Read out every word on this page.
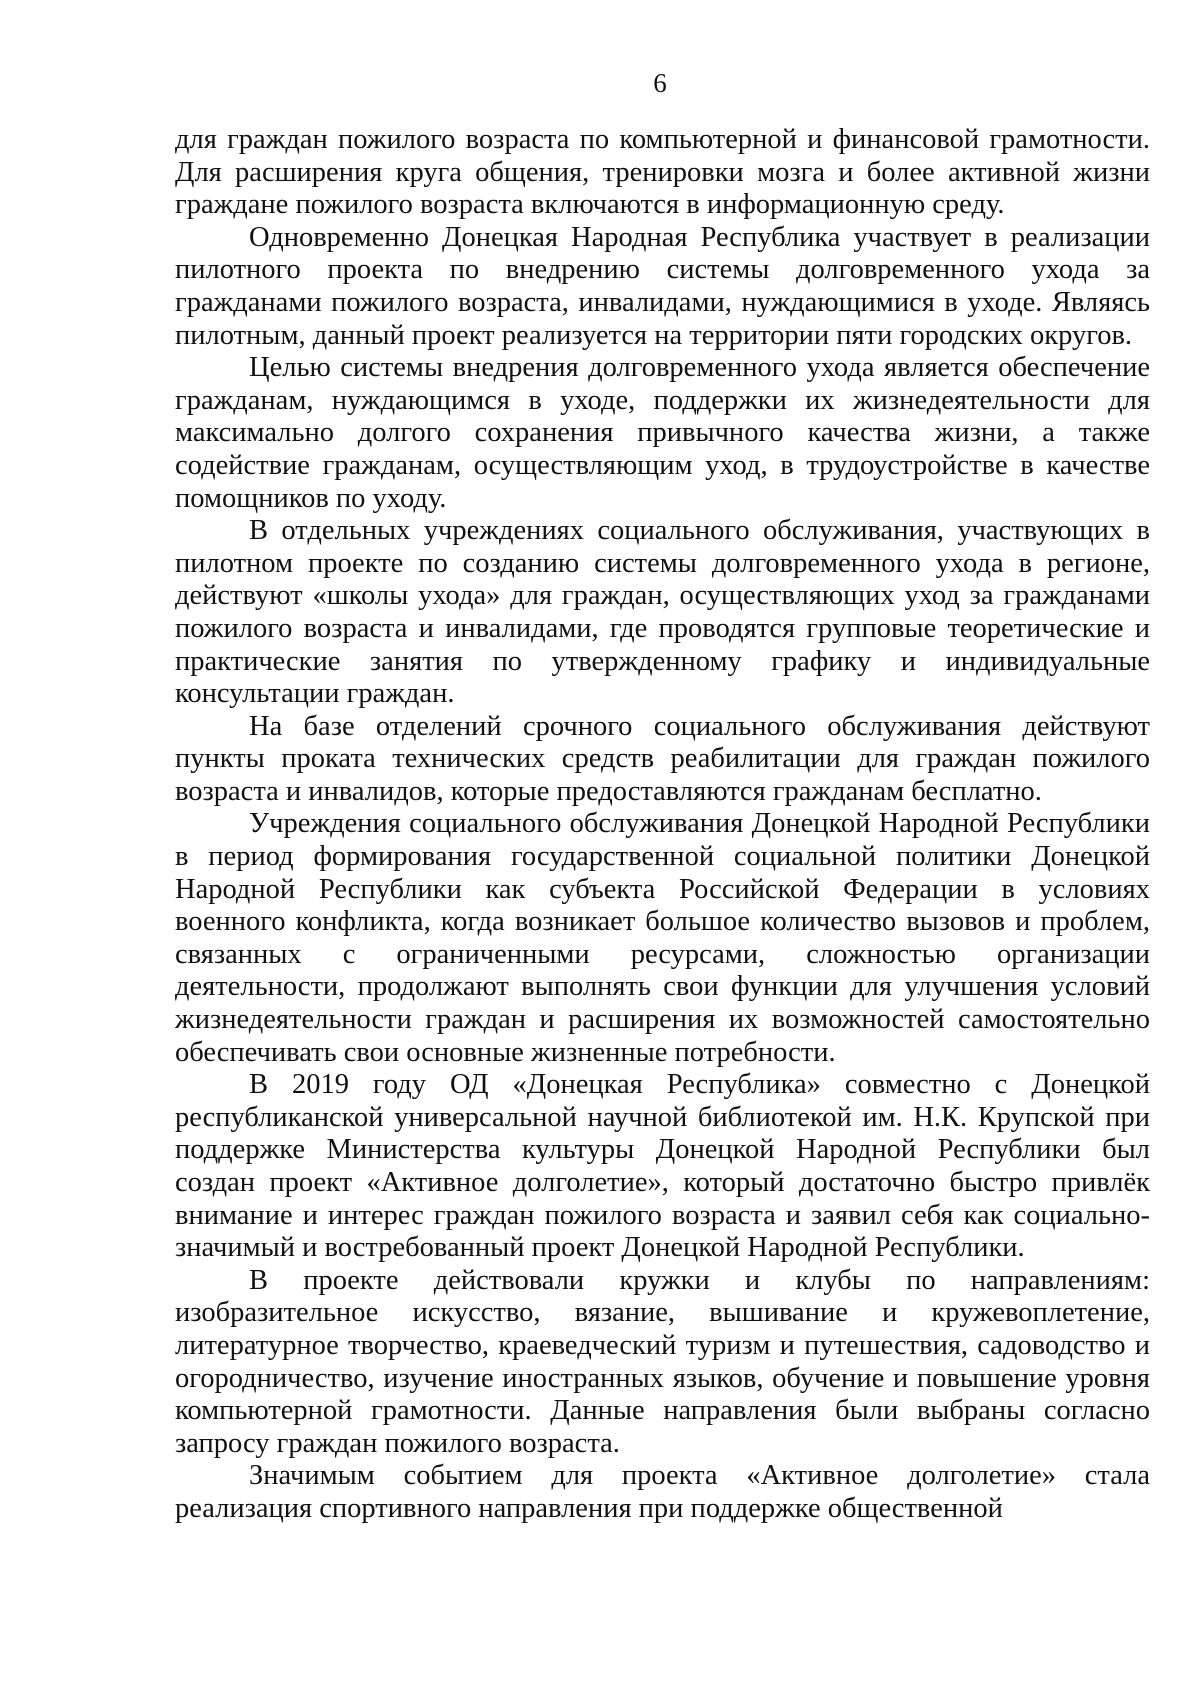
6

для граждан пожилого возраста по компьютерной и финансовой грамотности. Для расширения круга общения, тренировки мозга и более активной жизни граждане пожилого возраста включаются в информационную среду.

Одновременно Донецкая Народная Республика участвует в реализации пилотного проекта по внедрению системы долговременного ухода за гражданами пожилого возраста, инвалидами, нуждающимися в уходе. Являясь пилотным, данный проект реализуется на территории пяти городских округов.

Целью системы внедрения долговременного ухода является обеспечение гражданам, нуждающимся в уходе, поддержки их жизнедеятельности для максимально долгого сохранения привычного качества жизни, а также содействие гражданам, осуществляющим уход, в трудоустройстве в качестве помощников по уходу.

В отдельных учреждениях социального обслуживания, участвующих в пилотном проекте по созданию системы долговременного ухода в регионе, действуют «школы ухода» для граждан, осуществляющих уход за гражданами пожилого возраста и инвалидами, где проводятся групповые теоретические и практические занятия по утвержденному графику и индивидуальные консультации граждан.

На базе отделений срочного социального обслуживания действуют пункты проката технических средств реабилитации для граждан пожилого возраста и инвалидов, которые предоставляются гражданам бесплатно.

Учреждения социального обслуживания Донецкой Народной Республики в период формирования государственной социальной политики Донецкой Народной Республики как субъекта Российской Федерации в условиях военного конфликта, когда возникает большое количество вызовов и проблем, связанных с ограниченными ресурсами, сложностью организации деятельности, продолжают выполнять свои функции для улучшения условий жизнедеятельности граждан и расширения их возможностей самостоятельно обеспечивать свои основные жизненные потребности.

В 2019 году ОД «Донецкая Республика» совместно с Донецкой республиканской универсальной научной библиотекой им. Н.К. Крупской при поддержке Министерства культуры Донецкой Народной Республики был создан проект «Активное долголетие», который достаточно быстро привлёк внимание и интерес граждан пожилого возраста и заявил себя как социально-значимый и востребованный проект Донецкой Народной Республики.

В проекте действовали кружки и клубы по направлениям: изобразительное искусство, вязание, вышивание и кружевоплетение, литературное творчество, краеведческий туризм и путешествия, садоводство и огородничество, изучение иностранных языков, обучение и повышение уровня компьютерной грамотности. Данные направления были выбраны согласно запросу граждан пожилого возраста.

Значимым событием для проекта «Активное долголетие» стала реализация спортивного направления при поддержке общественной
